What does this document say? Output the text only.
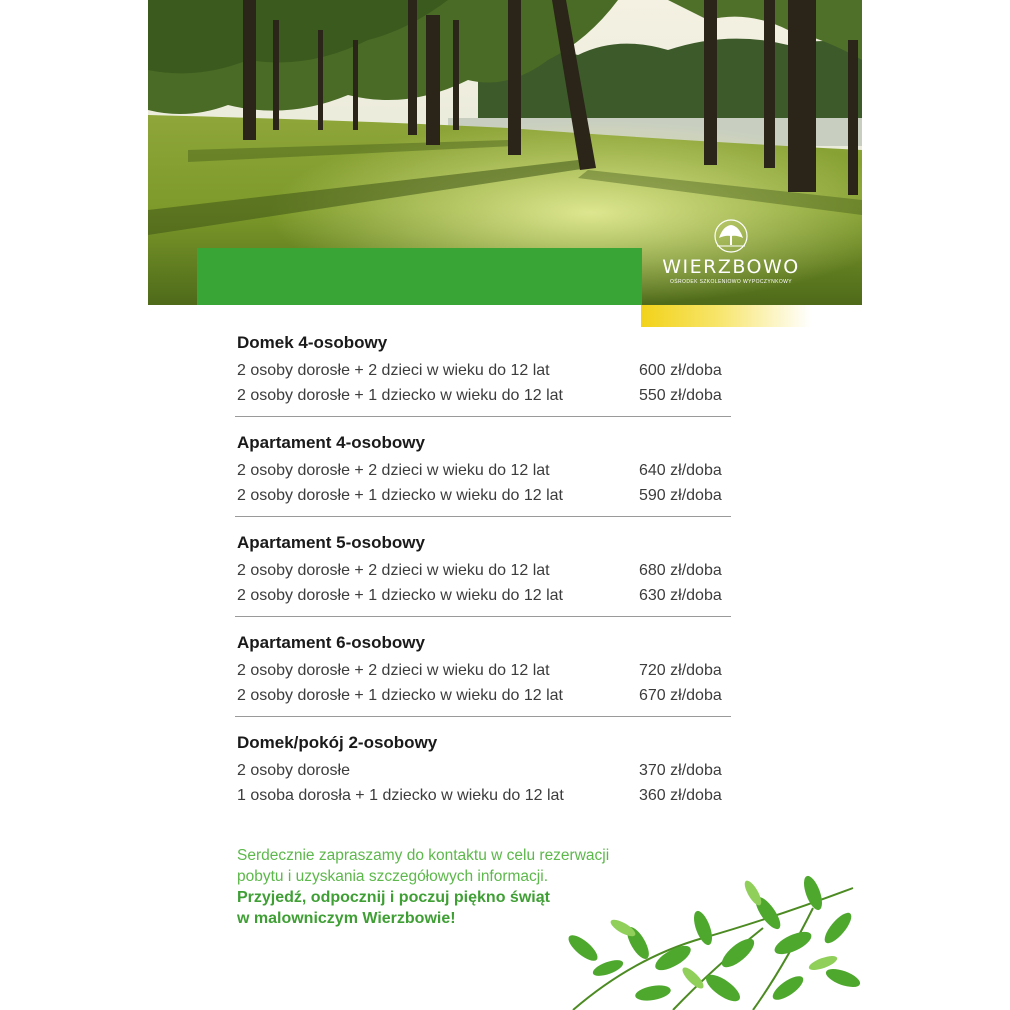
WIERZBOWO
OŚRODEK SZKOLENIOWO WYPOCZYNKOWY
Domek 4-osobowy
2 osoby dorosłe + 2 dzieci w wieku do 12 lat	600 zł/doba
2 osoby dorosłe + 1 dziecko w wieku do 12 lat	550 zł/doba
Apartament 4-osobowy
2 osoby dorosłe + 2 dzieci w wieku do 12 lat	640 zł/doba
2 osoby dorosłe + 1 dziecko w wieku do 12 lat	590 zł/doba
Apartament 5-osobowy
2 osoby dorosłe + 2 dzieci w wieku do 12 lat	680 zł/doba
2 osoby dorosłe + 1 dziecko w wieku do 12 lat	630 zł/doba
Apartament 6-osobowy
2 osoby dorosłe + 2 dzieci w wieku do 12 lat	720 zł/doba
2 osoby dorosłe + 1 dziecko w wieku do 12 lat	670 zł/doba
Domek/pokój 2-osobowy
2 osoby dorosłe	370 zł/doba
1 osoba dorosła + 1 dziecko w wieku do 12 lat	360 zł/doba

Serdecznie zapraszamy do kontaktu w celu rezerwacji

pobytu i uzyskania szczegółowych informacji.

Przyjedź, odpocznij i poczuj piękno świąt

w malowniczym Wierzbowie!
